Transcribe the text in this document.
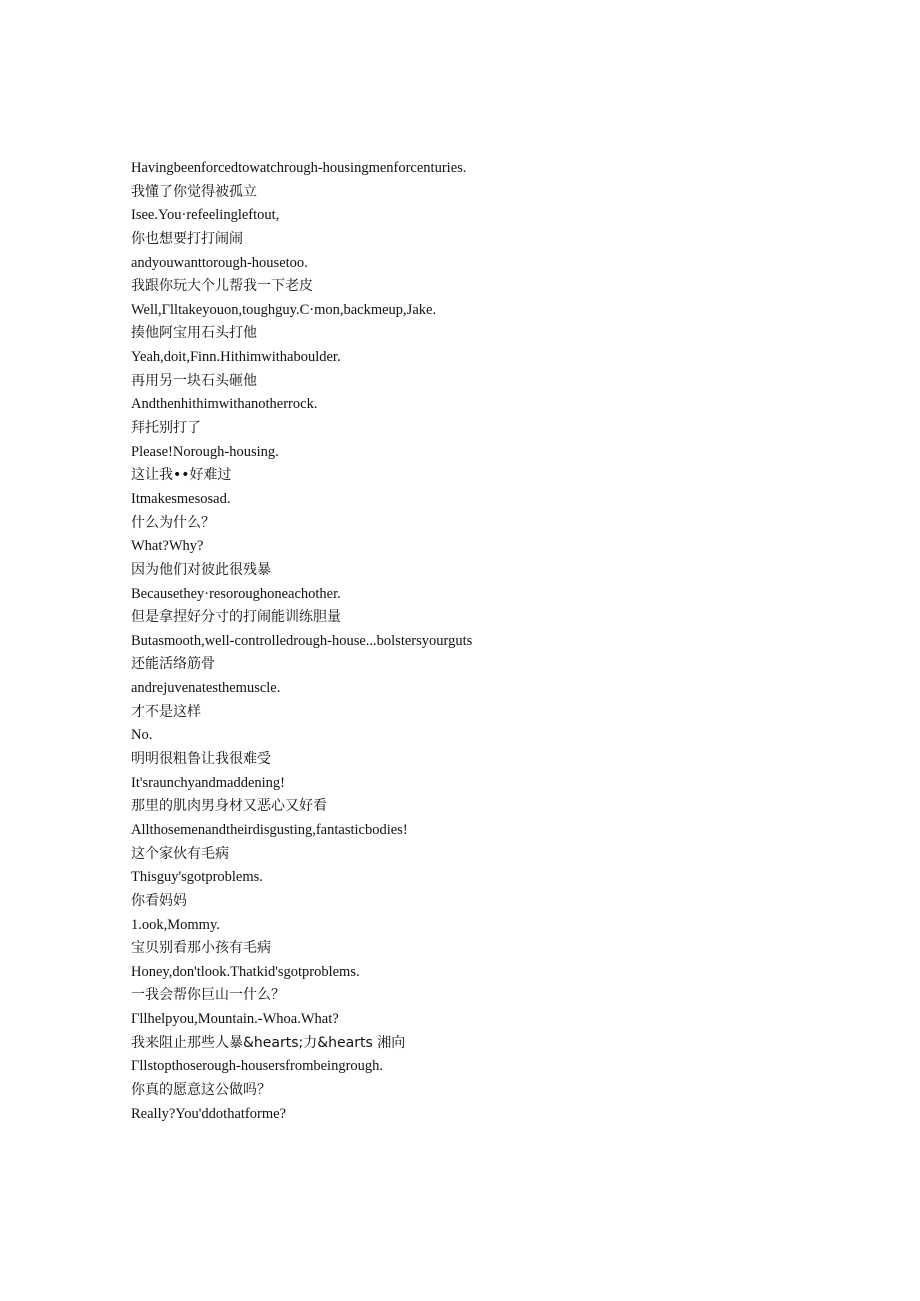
Havingbeenforcedtowatchrough-housingmenforcenturies.
我懂了你觉得被孤立
Isee.You·refeelingleftout,
你也想要打打闹闹
andyouwanttorough-housetoo.
我跟你玩大个儿帮我一下老皮
Well,Γlltakeyouon,toughguy.C·mon,backmeup,Jake.
揍他阿宝用石头打他
Yeah,doit,Finn.Hithimwithaboulder.
再用另一块石头砸他
Andthenhithimwithanotherrock.
拜托别打了
Please!Norough-housing.
这让我••好难过
Itmakesmesosad.
什么为什么？
What?Why?
因为他们对彼此很残暴
Becausethey·resoroughoneachother.
但是拿捏好分寸的打闹能训练胆量
Butasmooth,well-controlledrough-house...bolstersyourguts
还能活络筋骨
andrejuvenatesthemuscle.
才不是这样
No.
明明很粗鲁让我很难受
It'sraunchyandmaddening!
那里的肌肉男身材又恶心又好看
Allthosemenandtheirdisgusting,fantasticbodies!
这个家伙有毛病
Thisguy'sgotproblems.
你看妈妈
1.ook,Mommy.
宝贝别看那小孩有毛病
Honey,don'tlook.Thatkid'sgotproblems.
一我会帮你巨山一什么？
Γllhelpyou,Mountain.-Whoa.What?
我来阻止那些人暴&hearts;力&hearts 湘向
Γllstopthoserough-housersfrombeingrough.
你真的愿意这公做吗？
Really?You'ddothatforme?
